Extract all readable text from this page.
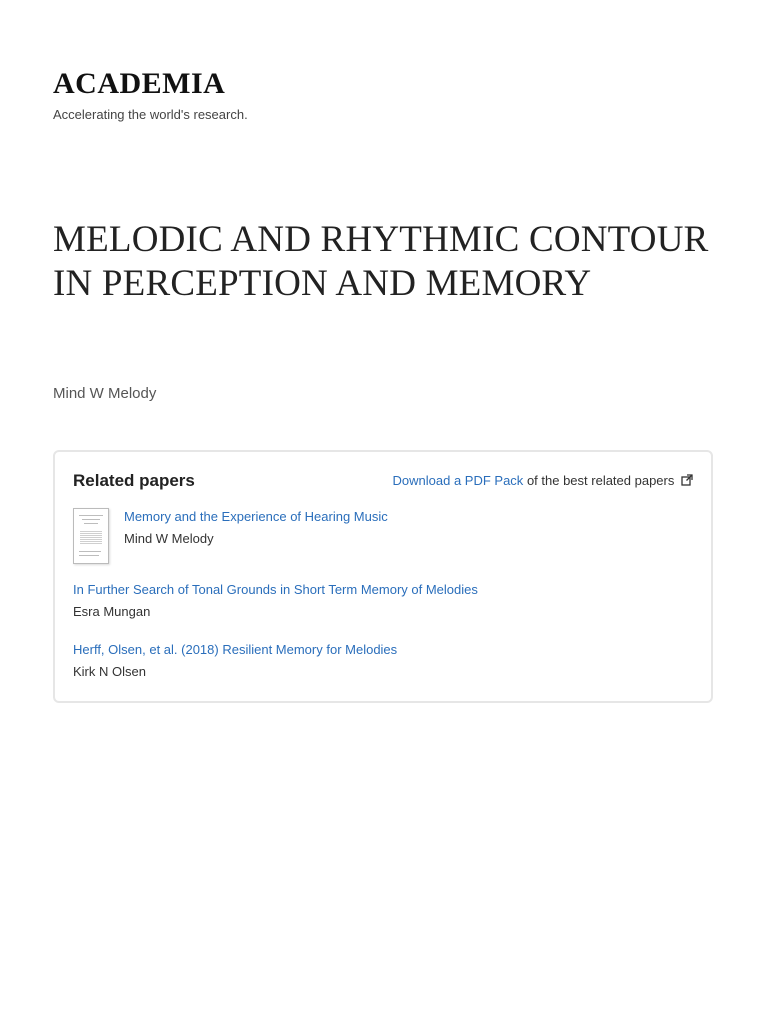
ACADEMIA
Accelerating the world's research.
MELODIC AND RHYTHMIC CONTOUR IN PERCEPTION AND MEMORY
Mind W Melody
Related papers	Download a PDF Pack of the best related papers
Memory and the Experience of Hearing Music
Mind W Melody
In Further Search of Tonal Grounds in Short Term Memory of Melodies
Esra Mungan
Herff, Olsen, et al. (2018) Resilient Memory for Melodies
Kirk N Olsen
